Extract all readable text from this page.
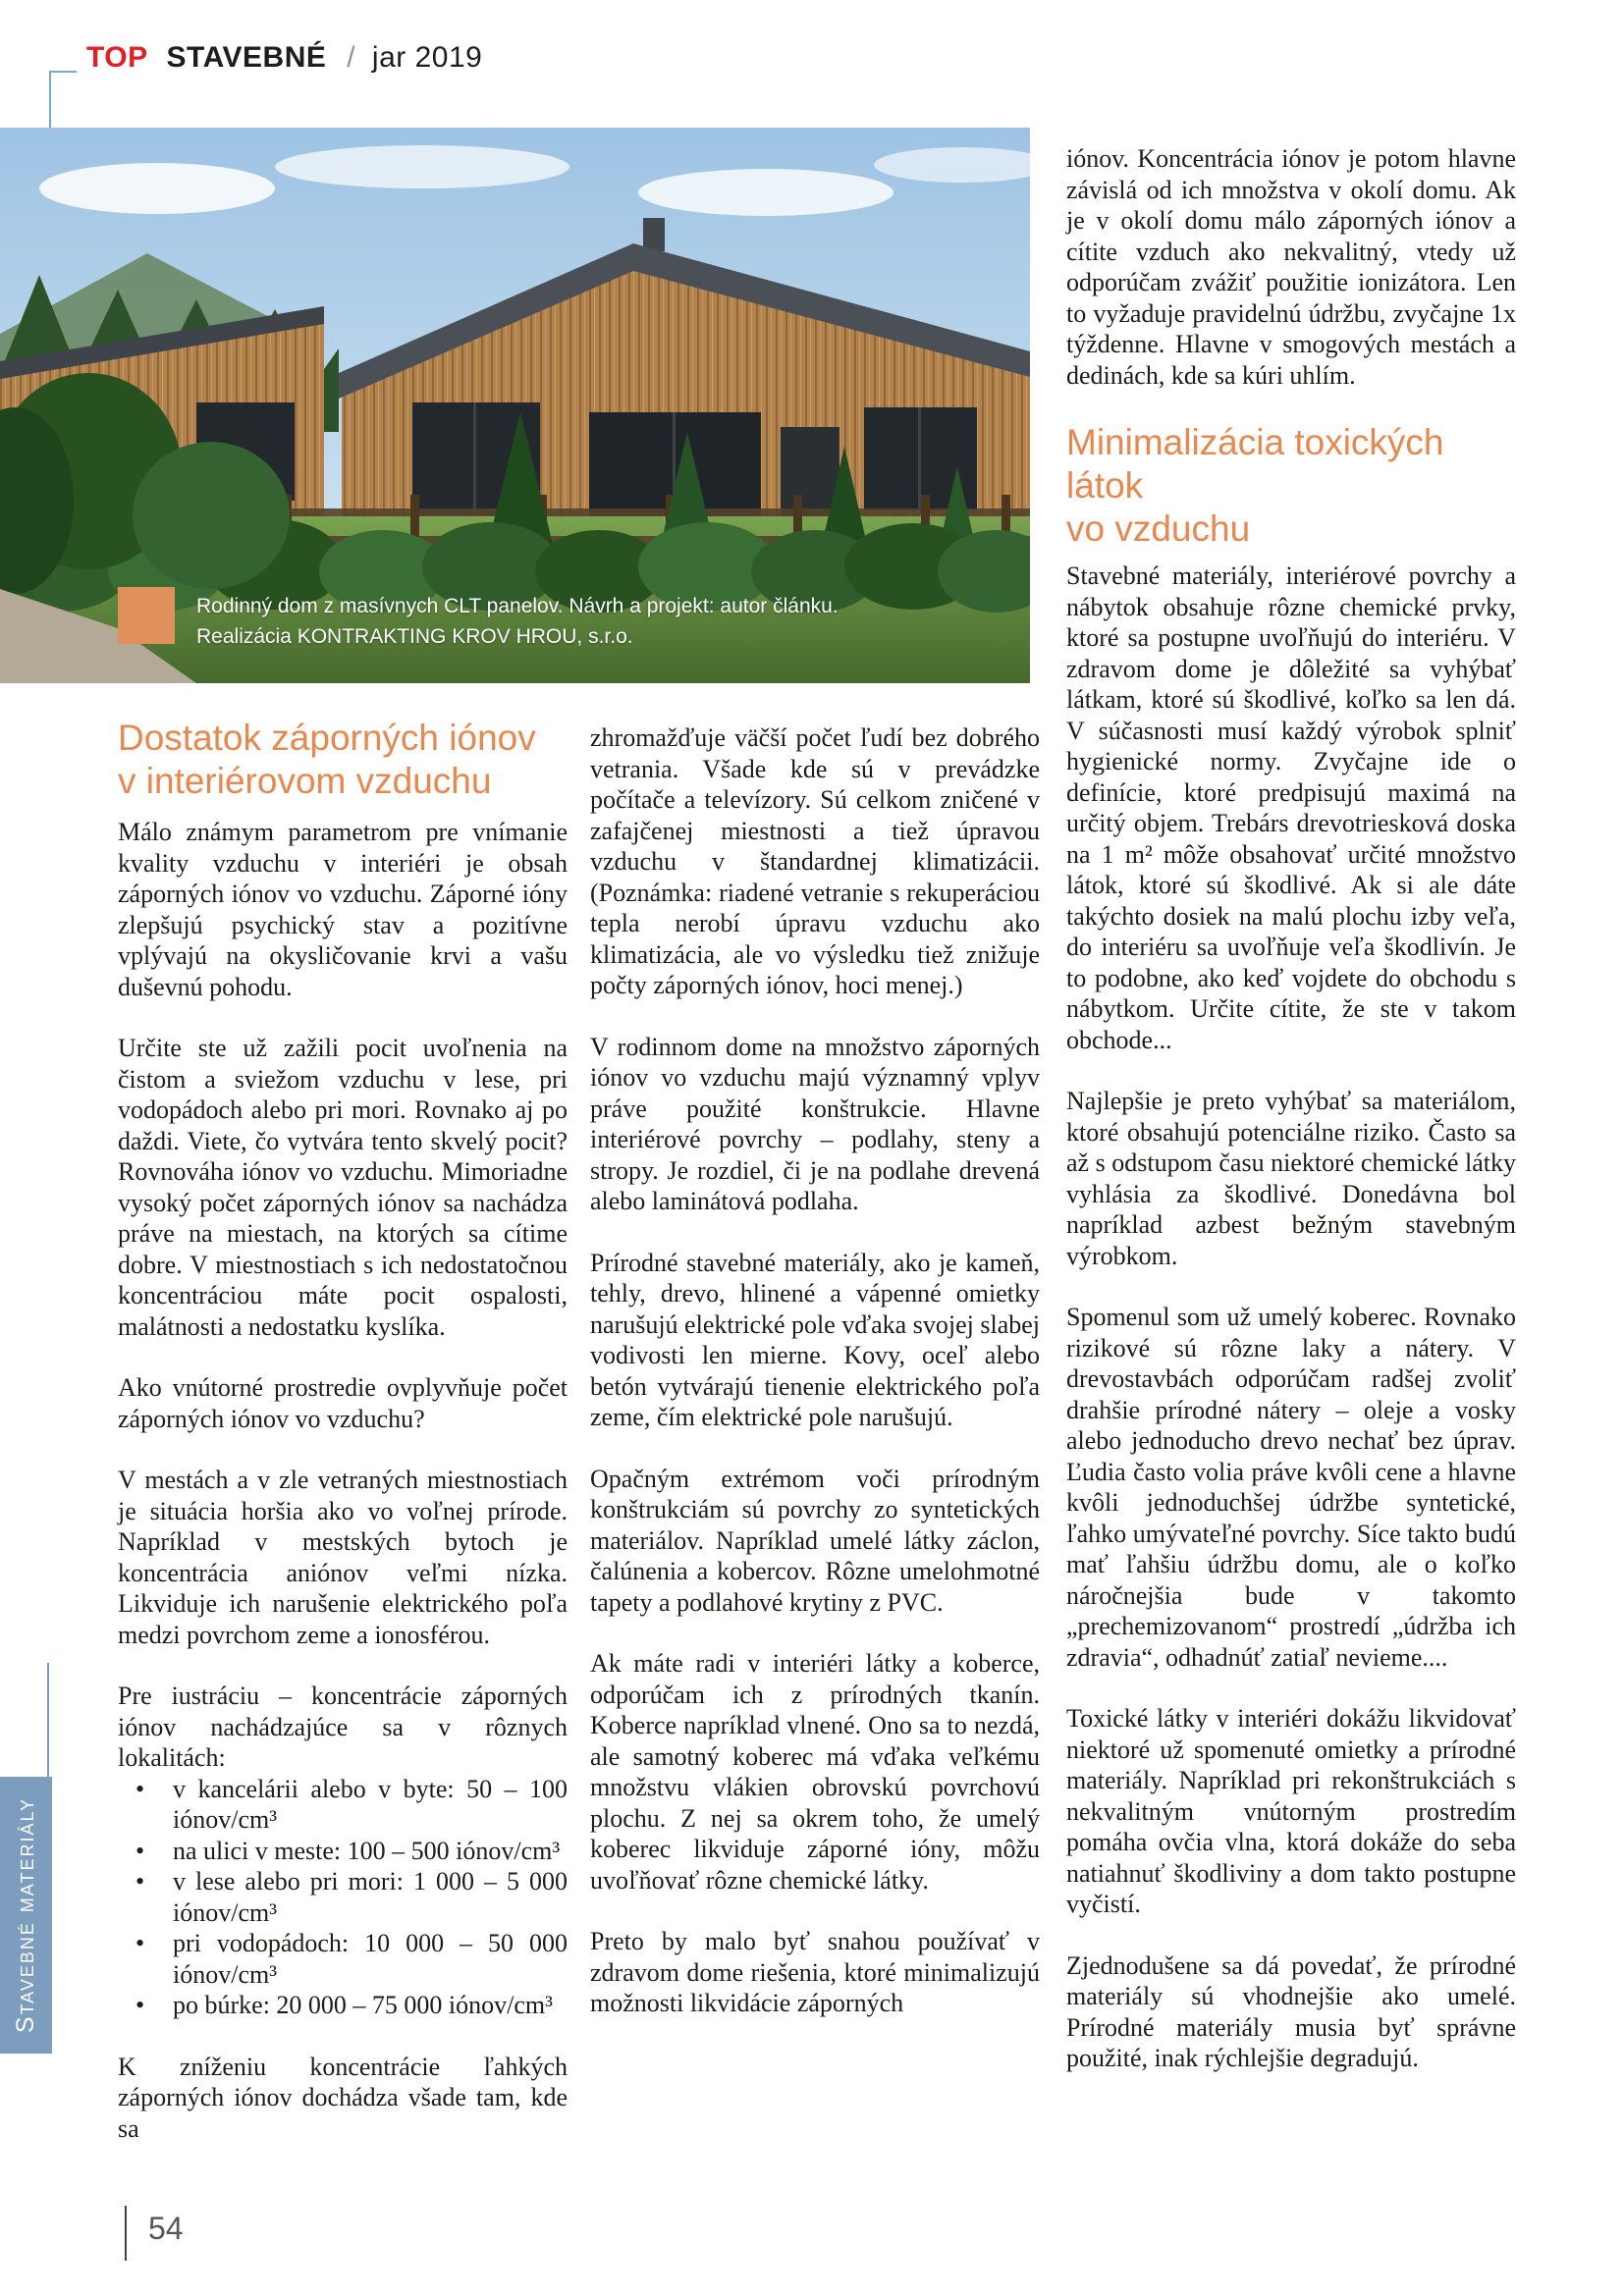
TOP STAVEBNÉ / jar 2019
Rodinný dom z masívnych CLT panelov. Návrh a projekt: autor článku.
Realizácia KONTRAKTING KROV HROU, s.r.o.
Dostatok záporných iónov
v interiérovom vzduchu

Málo známym parametrom pre vnímanie kvality vzduchu v interiéri je obsah záporných iónov vo vzduchu. Záporné ióny zlepšujú psychický stav a pozitívne vplývajú na okysličovanie krvi a vašu duševnú pohodu.

Určite ste už zažili pocit uvoľnenia na čistom a sviežom vzduchu v lese, pri vodopádoch alebo pri mori. Rovnako aj po daždi. Viete, čo vytvára tento skvelý pocit? Rovnováha iónov vo vzduchu. Mimoriadne vysoký počet záporných iónov sa nachádza práve na miestach, na ktorých sa cítime dobre. V miestnostiach s ich nedostatočnou koncentráciou máte pocit ospalosti, malátnosti a nedostatku kyslíka.

Ako vnútorné prostredie ovplyvňuje počet záporných iónov vo vzduchu?

V mestách a v zle vetraných miestnostiach je situácia horšia ako vo voľnej prírode. Napríklad v mestských bytoch je koncentrácia aniónov veľmi nízka. Likviduje ich narušenie elektrického poľa medzi povrchom zeme a ionosférou.

Pre iustráciu – koncentrácie záporných iónov nachádzajúce sa v rôznych lokalitách:

• v kancelárii alebo v byte: 50 – 100 iónov/cm³
• na ulici v meste: 100 – 500 iónov/cm³
• v lese alebo pri mori: 1 000 – 5 000 iónov/cm³
• pri vodopádoch: 10 000 – 50 000 iónov/cm³
• po búrke: 20 000 – 75 000 iónov/cm³

K zníženiu koncentrácie ľahkých záporných iónov dochádza všade tam, kde sa

zhromažďuje väčší počet ľudí bez dobrého vetrania. Všade kde sú v prevádzke počítače a televízory. Sú celkom zničené v zafajčenej miestnosti a tiež úpravou vzduchu v štandardnej klimatizácii. (Poznámka: riadené vetranie s rekuperáciou tepla nerobí úpravu vzduchu ako klimatizácia, ale vo výsledku tiež znižuje počty záporných iónov, hoci menej.)

V rodinnom dome na množstvo záporných iónov vo vzduchu majú významný vplyv práve použité konštrukcie. Hlavne interiérové povrchy – podlahy, steny a stropy. Je rozdiel, či je na podlahe drevená alebo laminátová podlaha.

Prírodné stavebné materiály, ako je kameň, tehly, drevo, hlinené a vápenné omietky narušujú elektrické pole vďaka svojej slabej vodivosti len mierne. Kovy, oceľ alebo betón vytvárajú tienenie elektrického poľa zeme, čím elektrické pole narušujú.

Opačným extrémom voči prírodným konštrukciám sú povrchy zo syntetických materiálov. Napríklad umelé látky záclon, čalúnenia a kobercov. Rôzne umelohmotné tapety a podlahové krytiny z PVC.

Ak máte radi v interiéri látky a koberce, odporúčam ich z prírodných tkanín. Koberce napríklad vlnené. Ono sa to nezdá, ale samotný koberec má vďaka veľkému množstvu vlákien obrovskú povrchovú plochu. Z nej sa okrem toho, že umelý koberec likviduje záporné ióny, môžu uvoľňovať rôzne chemické látky.

Preto by malo byť snahou používať v zdravom dome riešenia, ktoré minimalizujú možnosti likvidácie záporných

iónov. Koncentrácia iónov je potom hlavne závislá od ich množstva v okolí domu. Ak je v okolí domu málo záporných iónov a cítite vzduch ako nekvalitný, vtedy už odporúčam zvážiť použitie ionizátora. Len to vyžaduje pravidelnú údržbu, zvyčajne 1x týždenne. Hlavne v smogových mestách a dedinách, kde sa kúri uhlím.

Minimalizácia toxických látok
vo vzduchu

Stavebné materiály, interiérové povrchy a nábytok obsahuje rôzne chemické prvky, ktoré sa postupne uvoľňujú do interiéru. V zdravom dome je dôležité sa vyhýbať látkam, ktoré sú škodlivé, koľko sa len dá. V súčasnosti musí každý výrobok splniť hygienické normy. Zvyčajne ide o definície, ktoré predpisujú maximá na určitý objem. Trebárs drevotriesková doska na 1 m² môže obsahovať určité množstvo látok, ktoré sú škodlivé. Ak si ale dáte takýchto dosiek na malú plochu izby veľa, do interiéru sa uvoľňuje veľa škodlivín. Je to podobne, ako keď vojdete do obchodu s nábytkom. Určite cítite, že ste v takom obchode...

Najlepšie je preto vyhýbať sa materiálom, ktoré obsahujú potenciálne riziko. Často sa až s odstupom času niektoré chemické látky vyhlásia za škodlivé. Donedávna bol napríklad azbest bežným stavebným výrobkom.

Spomenul som už umelý koberec. Rovnako rizikové sú rôzne laky a nátery. V drevostavbách odporúčam radšej zvoliť drahšie prírodné nátery – oleje a vosky alebo jednoducho drevo nechať bez úprav. Ľudia často volia práve kvôli cene a hlavne kvôli jednoduchšej údržbe syntetické, ľahko umývateľné povrchy. Síce takto budú mať ľahšiu údržbu domu, ale o koľko náročnejšia bude v takomto „prechemizovanom“ prostredí „údržba ich zdravia“, odhadnúť zatiaľ nevieme....

Toxické látky v interiéri dokážu likvidovať niektoré už spomenuté omietky a prírodné materiály. Napríklad pri rekonštrukciách s nekvalitným vnútorným prostredím pomáha ovčia vlna, ktorá dokáže do seba natiahnuť škodliviny a dom takto postupne vyčistí.

Zjednodušene sa dá povedať, že prírodné materiály sú vhodnejšie ako umelé. Prírodné materiály musia byť správne použité, inak rýchlejšie degradujú.

Stavebné materiály
54
